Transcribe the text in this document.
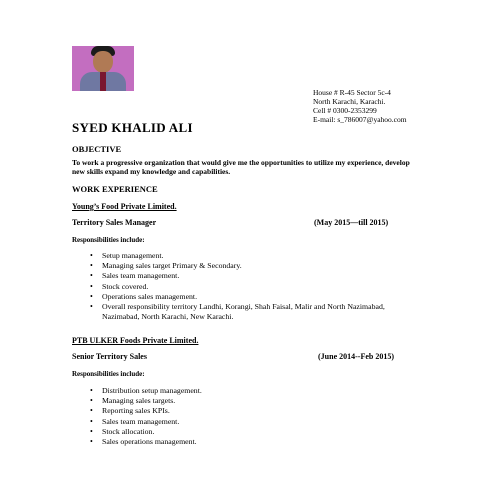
House # R-45 Sector 5c-4
North Karachi, Karachi.
Cell # 0300-2353299
E-mail: s_786007@yahoo.com
SYED KHALID ALI
OBJECTIVE
To work a progressive organization that would give me the opportunities to utilize my experience, develop new skills expand my knowledge and capabilities.
WORK EXPERIENCE
Young’s Food Private Limited.
Territory Sales Manager	(May 2015—till 2015)
Responsibilities include:
• Setup management.
• Managing sales target Primary & Secondary.
• Sales team management.
• Stock covered.
• Operations sales management.
• Overall responsibility territory Landhi, Korangi, Shah Faisal, Malir and North Nazimabad, Nazimabad, North Karachi, New Karachi.
PTB ULKER Foods Private Limited.
Senior Territory Sales	(June 2014--Feb 2015)
Responsibilities include:
• Distribution setup management.
• Managing sales targets.
• Reporting sales KPIs.
• Sales team management.
• Stock allocation.
• Sales operations management.
